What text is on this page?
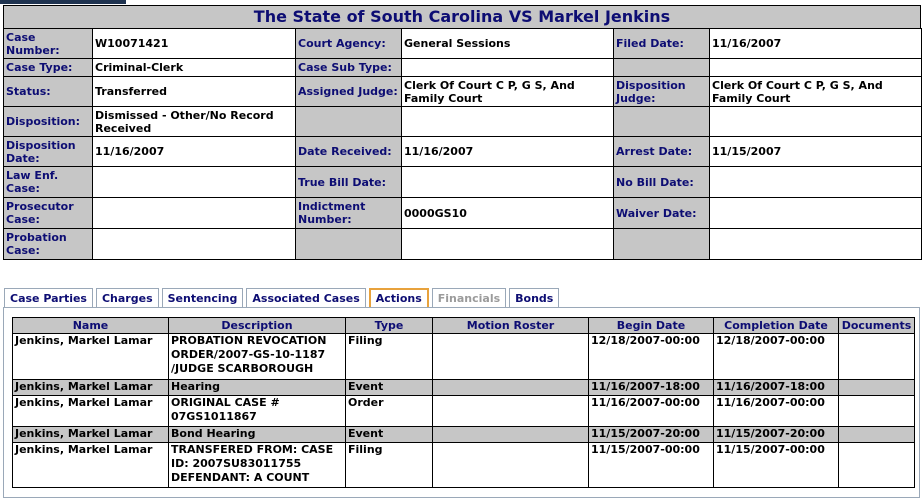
The State of South Carolina VS Markel Jenkins
Case Number:	W10071421	Court Agency:	General Sessions	Filed Date:	11/16/2007
Case Type:	Criminal-Clerk	Case Sub Type:			
Status:	Transferred	Assigned Judge:	Clerk Of Court C P, G S, And Family Court	Disposition Judge:	Clerk Of Court C P, G S, And Family Court
Disposition:	Dismissed - Other/No Record Received				
Disposition Date:	11/16/2007	Date Received:	11/16/2007	Arrest Date:	11/15/2007
Law Enf. Case:		True Bill Date:		No Bill Date:	
Prosecutor Case:		Indictment Number:	0000GS10	Waiver Date:	
Probation Case:					
Case Parties	Charges	Sentencing	Associated Cases	Actions	Financials	Bonds
Name	Description	Type	Motion Roster	Begin Date	Completion Date	Documents
Jenkins, Markel Lamar	PROBATION REVOCATION ORDER/2007-GS-10-1187 /JUDGE SCARBOROUGH	Filing		12/18/2007-00:00	12/18/2007-00:00	
Jenkins, Markel Lamar	Hearing	Event		11/16/2007-18:00	11/16/2007-18:00	
Jenkins, Markel Lamar	ORIGINAL CASE # 07GS1011867	Order		11/16/2007-00:00	11/16/2007-00:00	
Jenkins, Markel Lamar	Bond Hearing	Event		11/15/2007-20:00	11/15/2007-20:00	
Jenkins, Markel Lamar	TRANSFERED FROM: CASE ID: 2007SU83011755 DEFENDANT: A COUNT	Filing		11/15/2007-00:00	11/15/2007-00:00	
